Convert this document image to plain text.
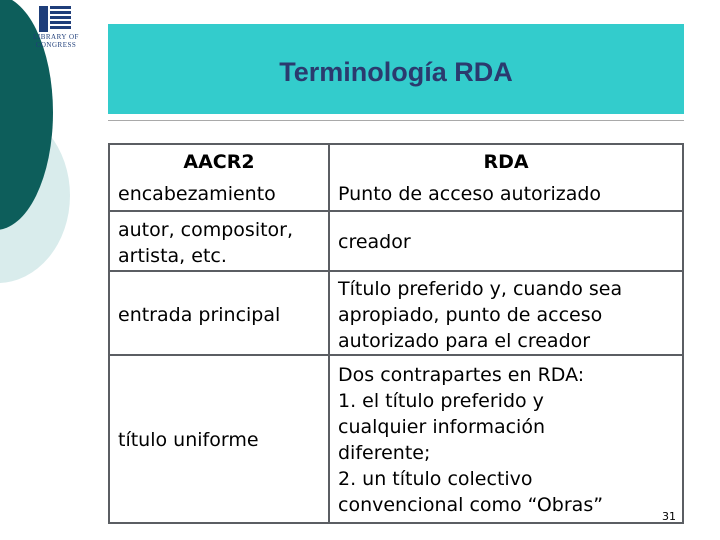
LIBRARY OF
CONGRESS
Terminología RDA
AACR2	RDA
encabezamiento	Punto de acceso autorizado
autor, compositor,
artista, etc.
creador
entrada principal
Título preferido y, cuando sea
apropiado, punto de acceso
autorizado para el creador
título uniforme
Dos contrapartes en RDA:
1. el título preferido y
cualquier información
diferente;
2. un título colectivo
convencional como “Obras”
31
